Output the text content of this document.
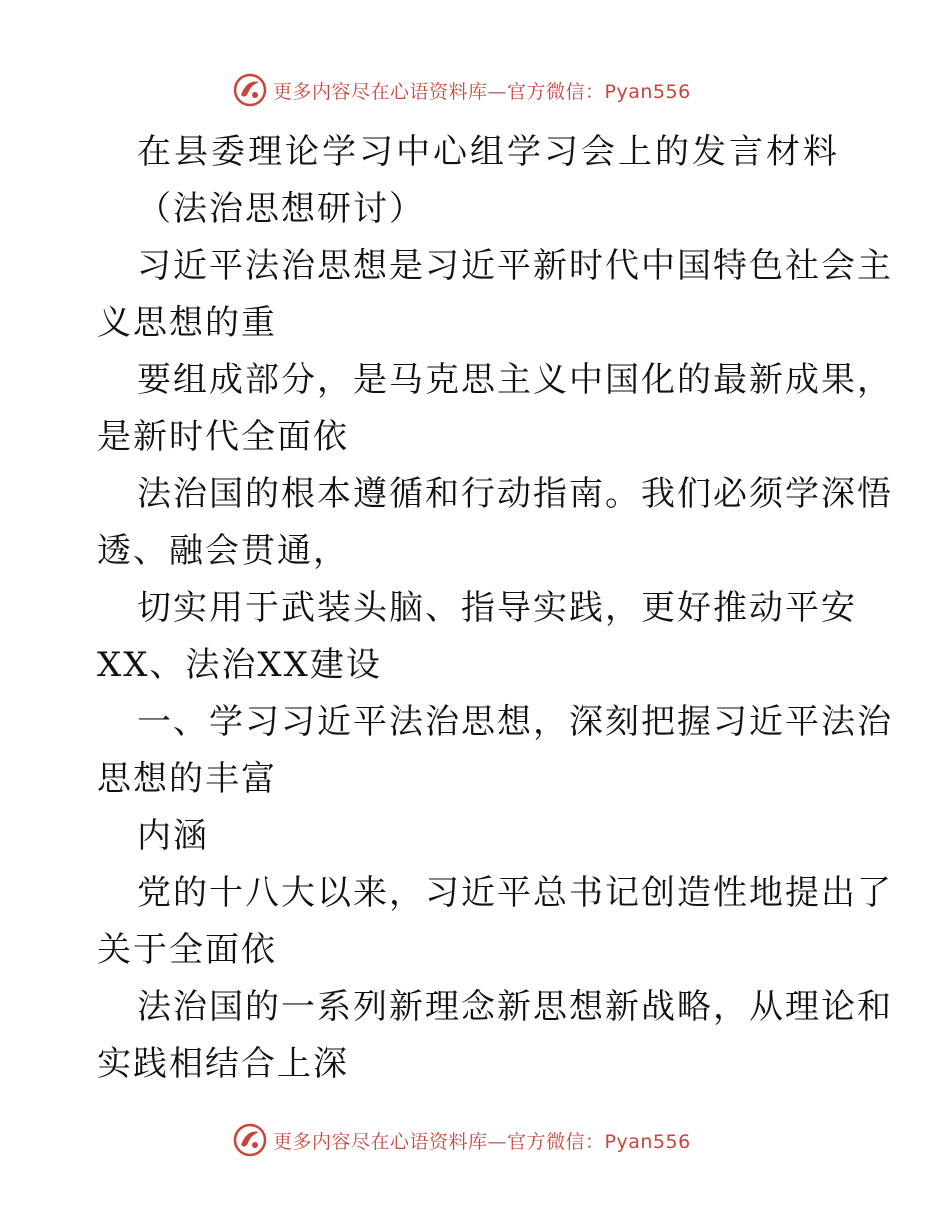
更多内容尽在心语资料库—官方微信：Pyan556
在县委理论学习中心组学习会上的发言材料
（法治思想研讨）
习近平法治思想是习近平新时代中国特色社会主
义思想的重
要组成部分，是马克思主义中国化的最新成果，
是新时代全面依
法治国的根本遵循和行动指南。我们必须学深悟
透、融会贯通，
切实用于武装头脑、指导实践，更好推动平安
XX、法治XX建设
一、学习习近平法治思想，深刻把握习近平法治
思想的丰富
内涵
党的十八大以来，习近平总书记创造性地提出了
关于全面依
法治国的一系列新理念新思想新战略，从理论和
实践相结合上深
更多内容尽在心语资料库—官方微信：Pyan556
